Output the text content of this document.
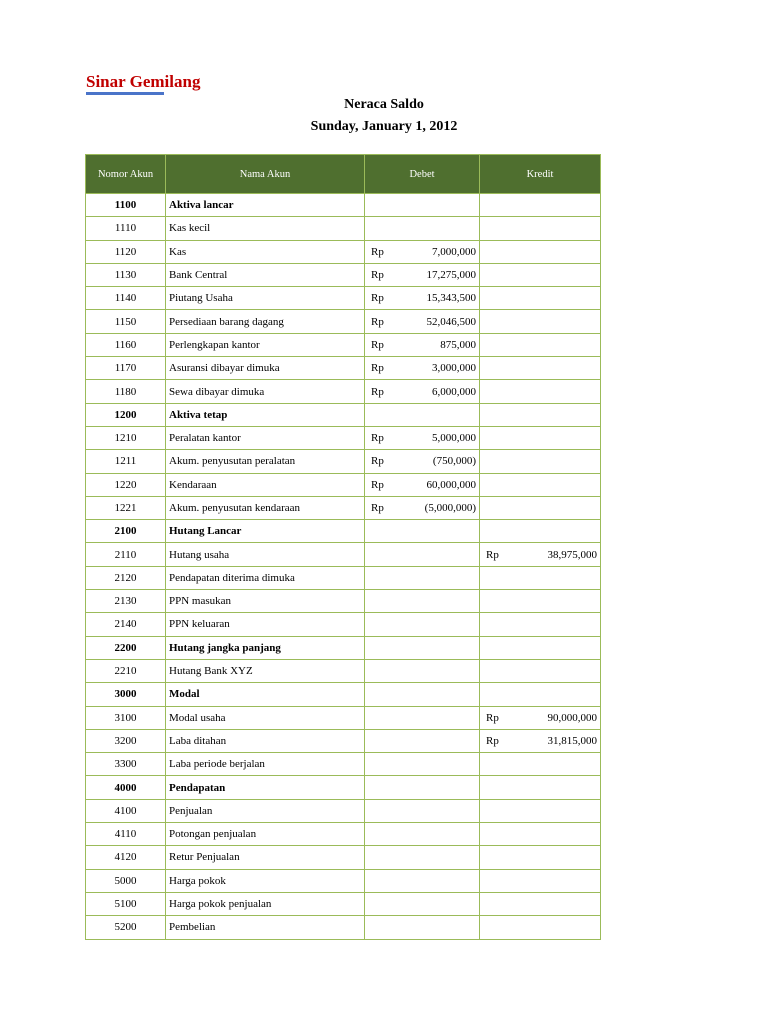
Sinar Gemilang
Neraca Saldo
Sunday, January 1, 2012
Nomor Akun	Nama Akun	Debet	Kredit
1100	Aktiva lancar		
1110	Kas kecil		
1120	Kas	Rp 7,000,000	

1130	Bank Central	Rp 17,275,000	

1140	Piutang Usaha	Rp 15,343,500	

1150	Persediaan barang dagang	Rp 52,046,500	

1160	Perlengkapan kantor	Rp 875,000	

1170	Asuransi dibayar dimuka	Rp 3,000,000	

1180	Sewa dibayar dimuka	Rp 6,000,000	

1200	Aktiva tetap		
1210	Peralatan kantor	Rp 5,000,000	

1211	Akum. penyusutan peralatan	Rp (750,000)	

1220	Kendaraan	Rp 60,000,000	

1221	Akum. penyusutan kendaraan	Rp (5,000,000)	

2100	Hutang Lancar		
2110	Hutang usaha		Rp 38,975,000

2120	Pendapatan diterima dimuka		
2130	PPN masukan		
2140	PPN keluaran		
2200	Hutang jangka panjang		
2210	Hutang Bank XYZ		
3000	Modal		
3100	Modal usaha		Rp 90,000,000

3200	Laba ditahan		Rp 31,815,000

3300	Laba periode berjalan		
4000	Pendapatan		
4100	Penjualan		
4110	Potongan penjualan		
4120	Retur Penjualan		
5000	Harga pokok		
5100	Harga pokok penjualan		
5200	Pembelian		
